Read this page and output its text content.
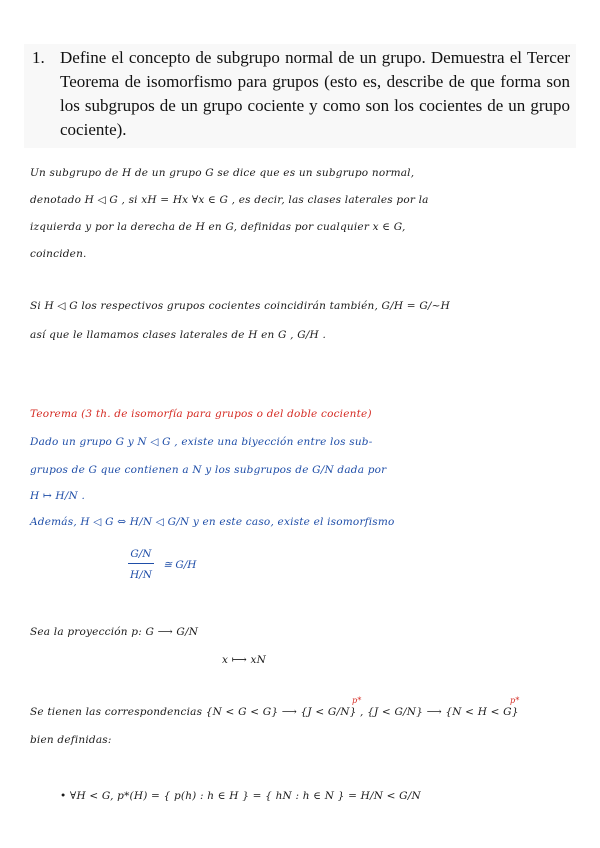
1. Define el concepto de subgrupo normal de un grupo. Demuestra el Tercer Teorema de isomorfismo para grupos (esto es, describe de que forma son los subgrupos de un grupo cociente y como son los cocientes de un grupo cociente).
Un subgrupo de H de un grupo G se dice que es un subgrupo normal,
denotado H ◁ G , si xH = Hx ∀x ∈ G , es decir, las clases laterales por la
izquierda y por la derecha de H en G, definidas por cualquier x ∈ G,
coinciden.
Si H ◁ G los respectivos grupos cocientes coincidirán también, G/H = G/~H
así que le llamamos clases laterales de H en G , G/H .
Teorema (3 th. de isomorfía para grupos o del doble cociente)
Dado un grupo G y N ◁ G , existe una biyección entre los sub-
grupos de G que contienen a N y los subgrupos de G/N dada por
H ↦ H/N .
Además, H ◁ G ⇔ H/N ◁ G/N y en este caso, existe el isomorfismo
$\frac{G/N}{H/N}$ ≅ G/H
Sea la proyección p: G ⟶ G/N
x ⟼ xN
p*	p*
Se tienen las correspondencias {N < G < G} ⟶ {J < G/N} , {J < G/N} ⟶ {N < H < G}
bien definidas:
• ∀H < G, p*(H) = { p(h) : h ∈ H } = { hN : h ∈ N } = H/N < G/N
